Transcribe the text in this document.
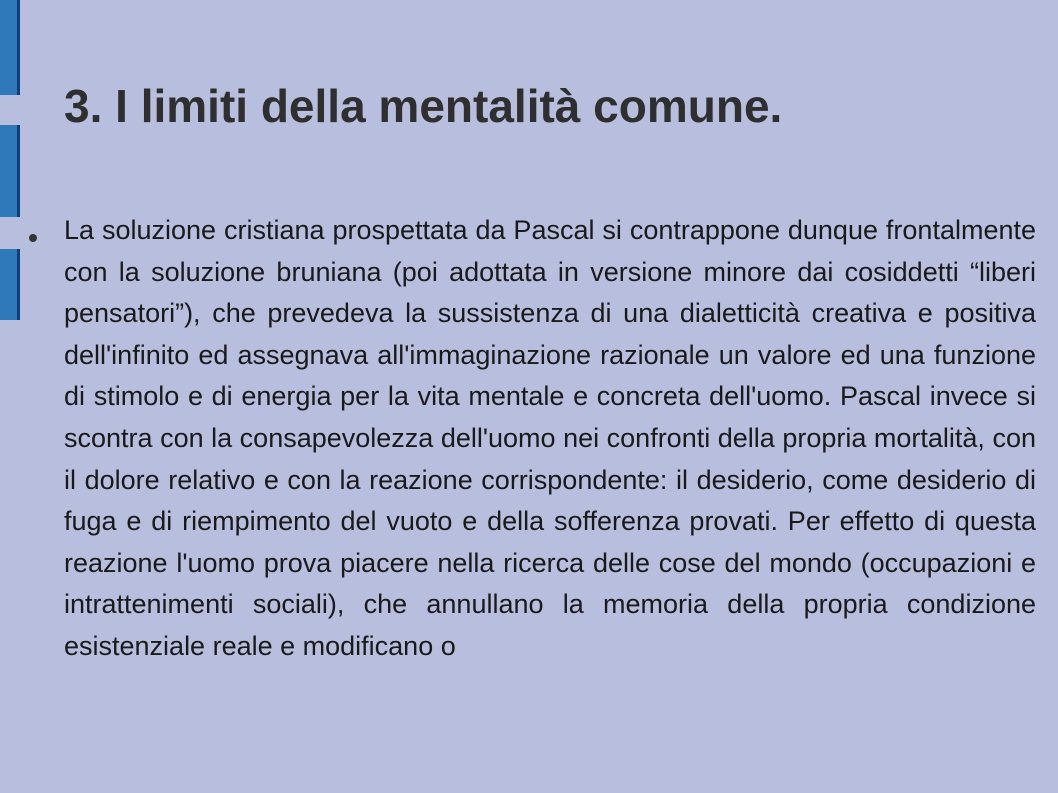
3. I limiti della mentalità comune.

La soluzione cristiana prospettata da Pascal si contrappone dunque frontalmente con la soluzione bruniana (poi adottata in versione minore dai cosiddetti “liberi pensatori”), che prevedeva la sussistenza di una dialetticità creativa e positiva dell'infinito ed assegnava all'immaginazione razionale un valore ed una funzione di stimolo e di energia per la vita mentale e concreta dell'uomo. Pascal invece si scontra con la consapevolezza dell'uomo nei confronti della propria mortalità, con il dolore relativo e con la reazione corrispondente: il desiderio, come desiderio di fuga e di riempimento del vuoto e della sofferenza provati. Per effetto di questa reazione l'uomo prova piacere nella ricerca delle cose del mondo (occupazioni e intrattenimenti sociali), che annullano la memoria della propria condizione esistenziale reale e modificano o
